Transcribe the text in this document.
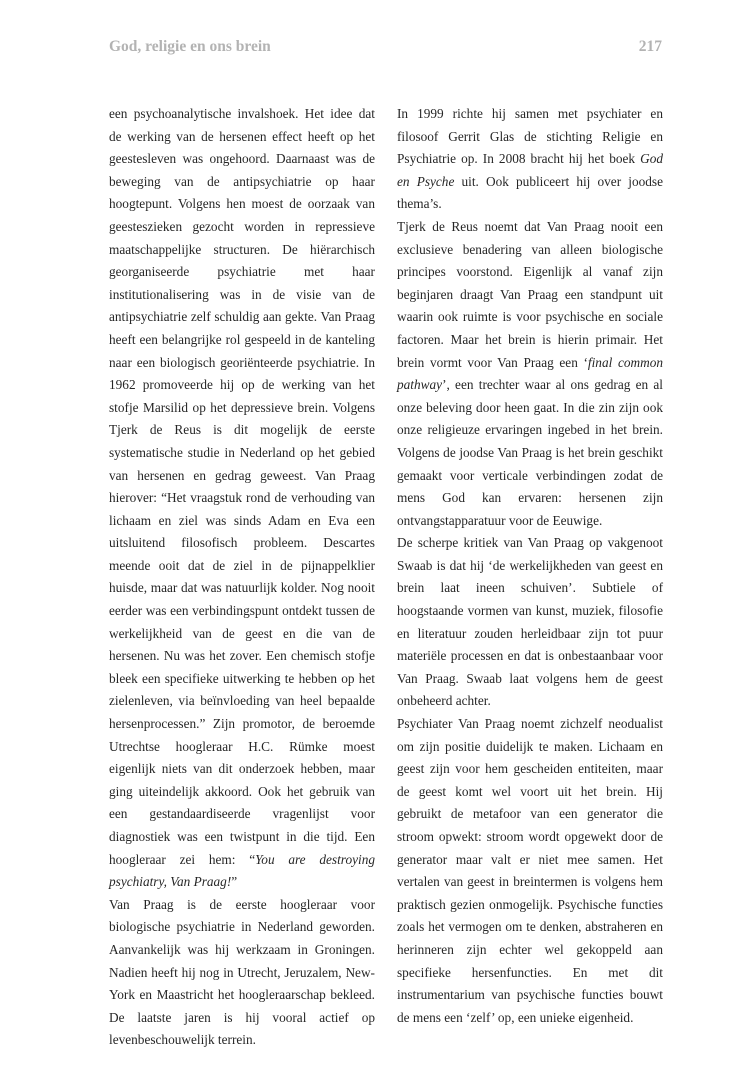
God, religie en ons brein	217

een psychoanalytische invalshoek. Het idee dat de werking van de hersenen effect heeft op het geestesleven was ongehoord. Daarnaast was de beweging van de antipsychiatrie op haar hoogtepunt. Volgens hen moest de oorzaak van geesteszieken gezocht worden in repressieve maatschappelijke structuren. De hiërarchisch georganiseerde psychiatrie met haar institutionalisering was in de visie van de antipsychiatrie zelf schuldig aan gekte. Van Praag heeft een belangrijke rol gespeeld in de kanteling naar een biologisch georiënteerde psychiatrie. In 1962 promoveerde hij op de werking van het stofje Marsilid op het depressieve brein. Volgens Tjerk de Reus is dit mogelijk de eerste systematische studie in Nederland op het gebied van hersenen en gedrag geweest. Van Praag hierover: “Het vraagstuk rond de verhouding van lichaam en ziel was sinds Adam en Eva een uitsluitend filosofisch probleem. Descartes meende ooit dat de ziel in de pijnappelklier huisde, maar dat was natuurlijk kolder. Nog nooit eerder was een verbindingspunt ontdekt tussen de werkelijkheid van de geest en die van de hersenen. Nu was het zover. Een chemisch stofje bleek een specifieke uitwerking te hebben op het zielenleven, via beïnvloeding van heel bepaalde hersenprocessen.” Zijn promotor, de beroemde Utrechtse hoogleraar H.C. Rümke moest eigenlijk niets van dit onderzoek hebben, maar ging uiteindelijk akkoord. Ook het gebruik van een gestandaardiseerde vragenlijst voor diagnostiek was een twistpunt in die tijd. Een hoogleraar zei hem: “You are destroying psychiatry, Van Praag!”

Van Praag is de eerste hoogleraar voor biologische psychiatrie in Nederland geworden. Aanvankelijk was hij werkzaam in Groningen. Nadien heeft hij nog in Utrecht, Jeruzalem, New-York en Maastricht het hoogleraarschap bekleed. De laatste jaren is hij vooral actief op levenbeschouwelijk terrein.

In 1999 richte hij samen met psychiater en filosoof Gerrit Glas de stichting Religie en Psychiatrie op. In 2008 bracht hij het boek God en Psyche uit. Ook publiceert hij over joodse thema’s.

Tjerk de Reus noemt dat Van Praag nooit een exclusieve benadering van alleen biologische principes voorstond. Eigenlijk al vanaf zijn beginjaren draagt Van Praag een standpunt uit waarin ook ruimte is voor psychische en sociale factoren. Maar het brein is hierin primair. Het brein vormt voor Van Praag een ‘final common pathway’, een trechter waar al ons gedrag en al onze beleving door heen gaat. In die zin zijn ook onze religieuze ervaringen ingebed in het brein. Volgens de joodse Van Praag is het brein geschikt gemaakt voor verticale verbindingen zodat de mens God kan ervaren: hersenen zijn ontvangstapparatuur voor de Eeuwige.

De scherpe kritiek van Van Praag op vakgenoot Swaab is dat hij ‘de werkelijkheden van geest en brein laat ineen schuiven’. Subtiele of hoogstaande vormen van kunst, muziek, filosofie en literatuur zouden herleidbaar zijn tot puur materiële processen en dat is onbestaanbaar voor Van Praag. Swaab laat volgens hem de geest onbeheerd achter.

Psychiater Van Praag noemt zichzelf neodualist om zijn positie duidelijk te maken. Lichaam en geest zijn voor hem gescheiden entiteiten, maar de geest komt wel voort uit het brein. Hij gebruikt de metafoor van een generator die stroom opwekt: stroom wordt opgewekt door de generator maar valt er niet mee samen. Het vertalen van geest in breintermen is volgens hem praktisch gezien onmogelijk. Psychische functies zoals het vermogen om te denken, abstraheren en herinneren zijn echter wel gekoppeld aan specifieke hersenfuncties. En met dit instrumentarium van psychische functies bouwt de mens een ‘zelf’ op, een unieke eigenheid.
